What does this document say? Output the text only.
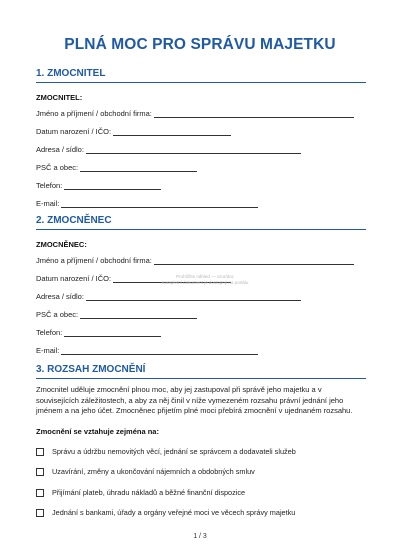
PLNÁ MOC PRO SPRÁVU MAJETKU
1. ZMOCNITEL
ZMOCNITEL:
Jméno a příjmení / obchodní firma:
Datum narození / IČO:
Adresa / sídlo:
PSČ a obec:
Telefon:
E-mail:
2. ZMOCNĚNEC
ZMOCNĚNEC:
Jméno a příjmení / obchodní firma:
Datum narození / IČO:
Adresa / sídlo:
PSČ a obec:
Telefon:
E-mail:
3. ROZSAH ZMOCNĚNÍ
Zmocnitel uděluje zmocnění plnou moc, aby jej zastupoval při správě jeho majetku a v
souvisejících záležitostech, a aby za něj činil v níže vymezeném rozsahu právní jednání jeho
jménem a na jeho účet. Zmocněnec přijetím plné moci přebírá zmocnění v ujednaném rozsahu.
Zmocnění se vztahuje zejména na:
Správu a údržbu nemovitých věcí, jednání se správcem a dodavateli služeb
Uzavírání, změny a ukončování nájemních a obdobných smluv
Přijímání plateb, úhradu nákladů a běžné finanční dispozice
Jednání s bankami, úřady a orgány veřejné moci ve věcech správy majetku
Prohlížíte náhled — vzor/doc
Kompletní dokument je dostupný na portálu
1 / 3
